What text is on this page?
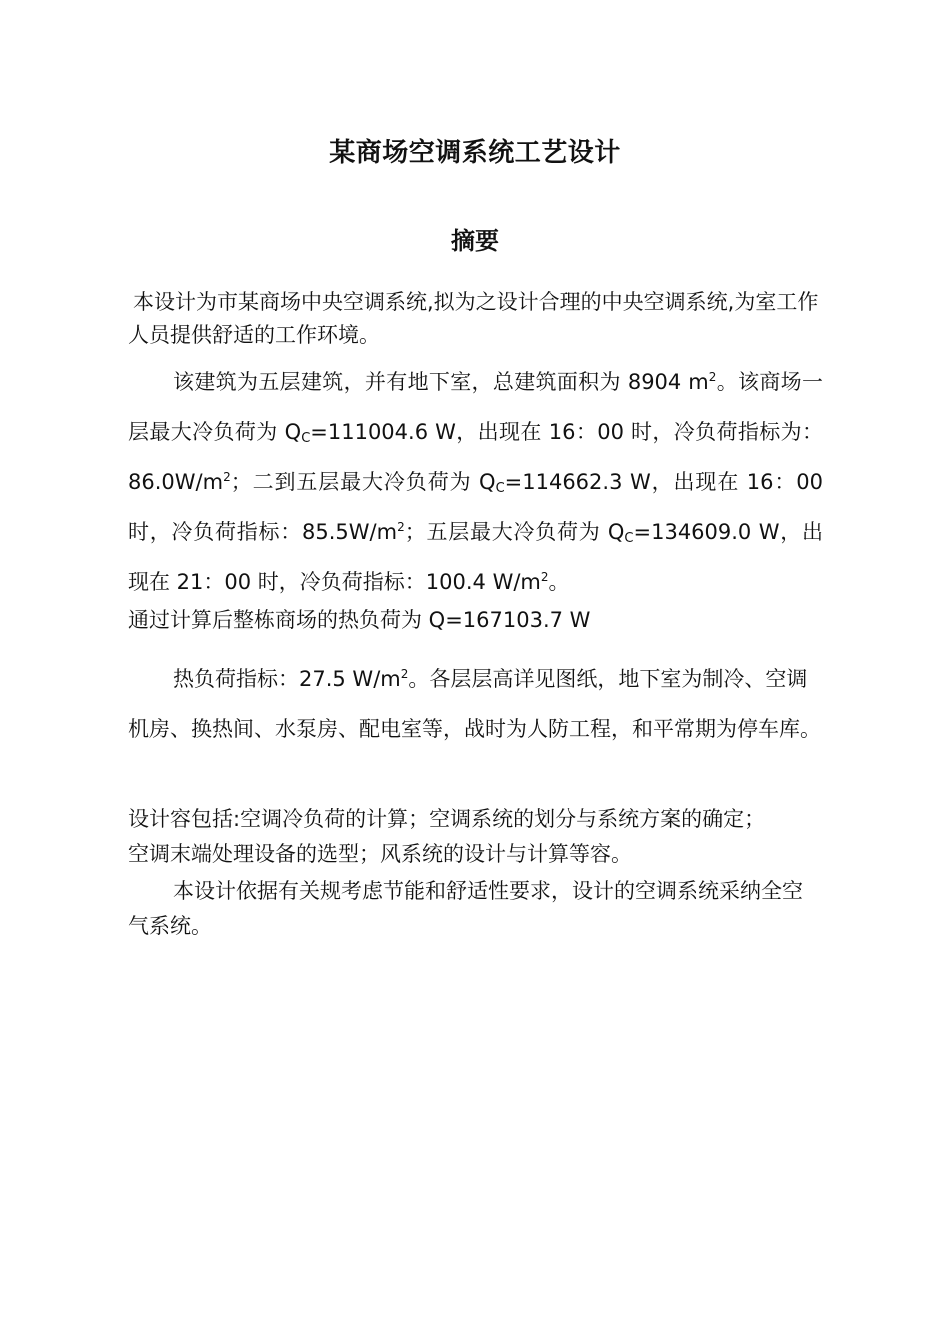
某商场空调系统工艺设计
摘要

本设计为市某商场中央空调系统,拟为之设计合理的中央空调系统,为室工作人员提供舒适的工作环境。

该建筑为五层建筑，并有地下室，总建筑面积为 8904 $m^2$。该商场一层最大冷负荷为 $Q_C=111004.6$ W，出现在 16：00 时，冷负荷指标为：$86.0W/m^2$；二到五层最大冷负荷为 $Q_C=114662.3$ W，出现在 16：00 时，冷负荷指标：$85.5W/m^2$；五层最大冷负荷为 $Q_C=134609.0$ W，出现在 21：00 时，冷负荷指标：100.4 $W/m^2$。

通过计算后整栋商场的热负荷为 Q=167103.7 W

热负荷指标：27.5 $W/m^2$。各层层高详见图纸，地下室为制冷、空调机房、换热间、水泵房、配电室等，战时为人防工程，和平常期为停车库。

设计容包括:空调冷负荷的计算；空调系统的划分与系统方案的确定；
空调末端处理设备的选型；风系统的设计与计算等容。

本设计依据有关规考虑节能和舒适性要求，设计的空调系统采纳全空气系统。
